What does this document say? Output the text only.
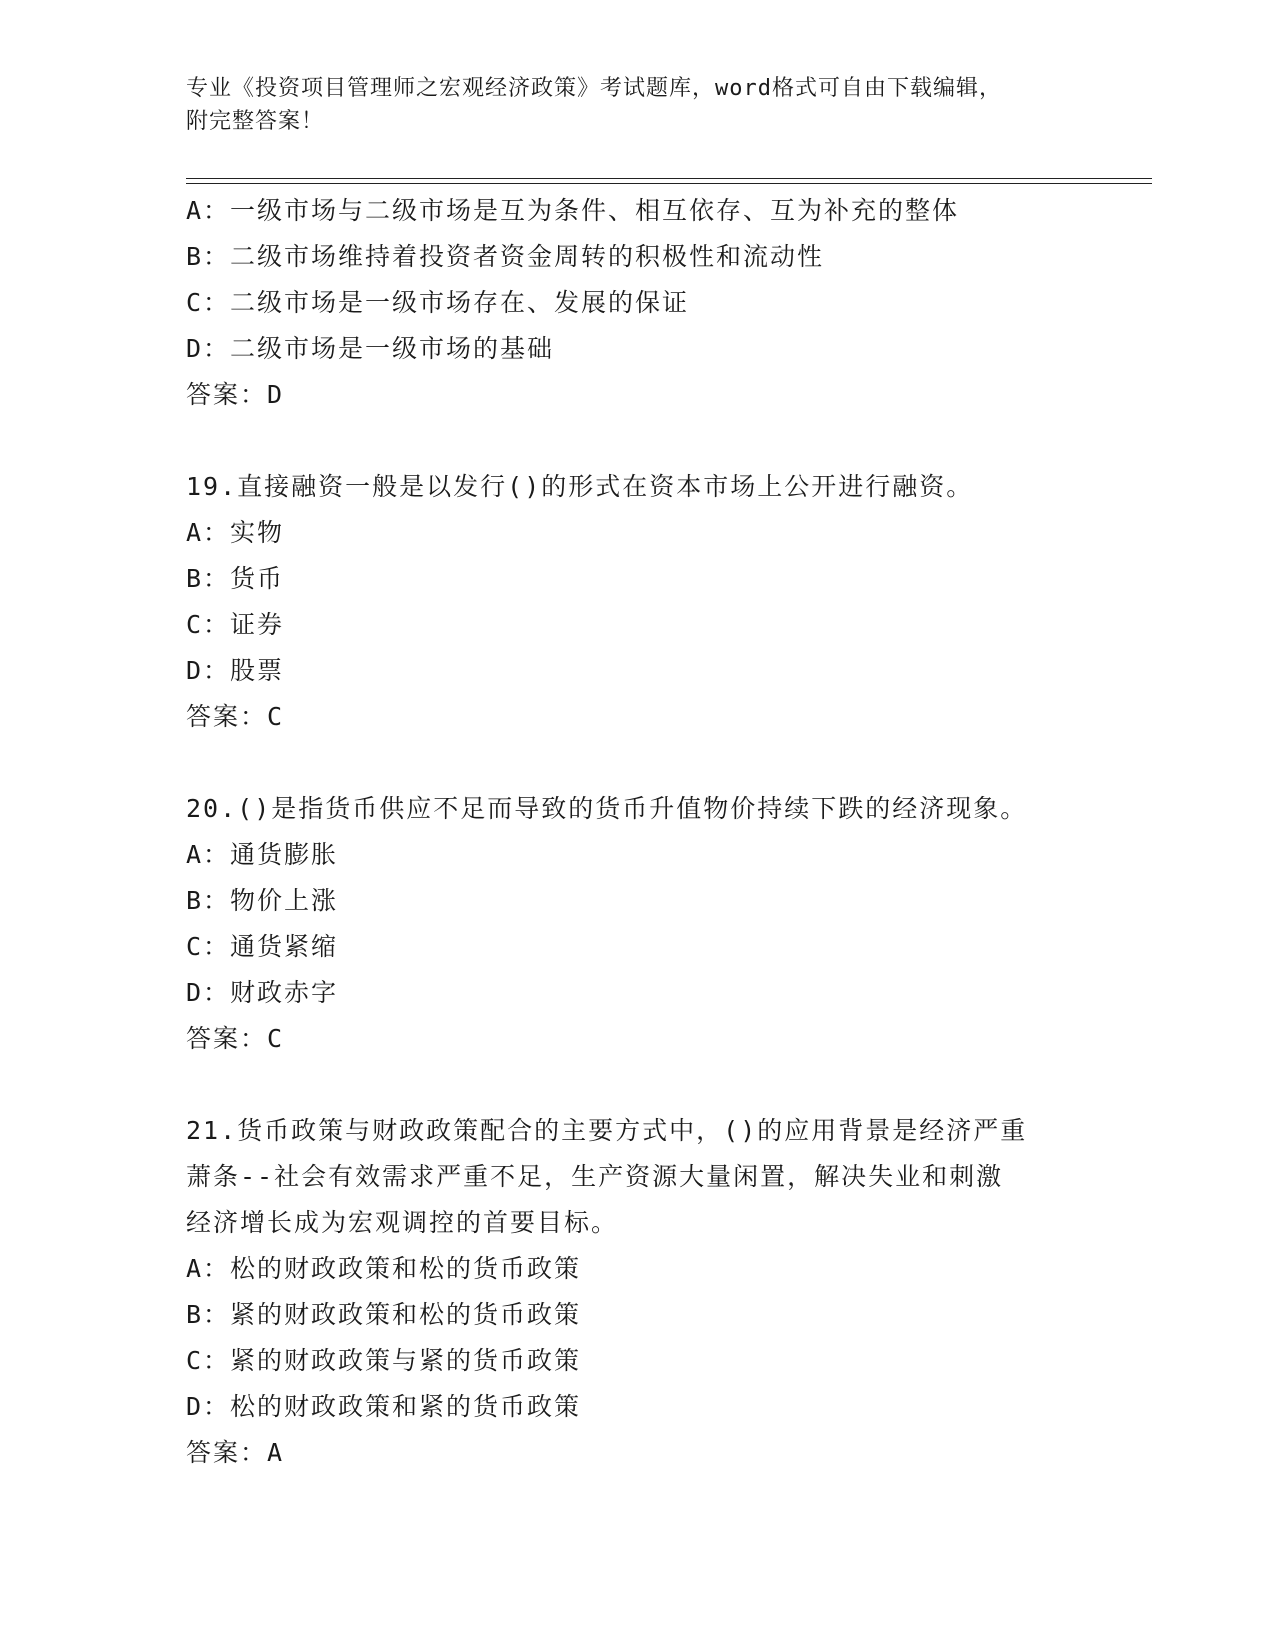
专业《投资项目管理师之宏观经济政策》考试题库，word格式可自由下载编辑，
附完整答案！
A：一级市场与二级市场是互为条件、相互依存、互为补充的整体
B：二级市场维持着投资者资金周转的积极性和流动性
C：二级市场是一级市场存在、发展的保证
D：二级市场是一级市场的基础
答案：D
19.直接融资一般是以发行()的形式在资本市场上公开进行融资。
A：实物
B：货币
C：证券
D：股票
答案：C
20.()是指货币供应不足而导致的货币升值物价持续下跌的经济现象。
A：通货膨胀
B：物价上涨
C：通货紧缩
D：财政赤字
答案：C
21.货币政策与财政政策配合的主要方式中，()的应用背景是经济严重
萧条--社会有效需求严重不足，生产资源大量闲置，解决失业和刺激
经济增长成为宏观调控的首要目标。
A：松的财政政策和松的货币政策
B：紧的财政政策和松的货币政策
C：紧的财政政策与紧的货币政策
D：松的财政政策和紧的货币政策
答案：A
